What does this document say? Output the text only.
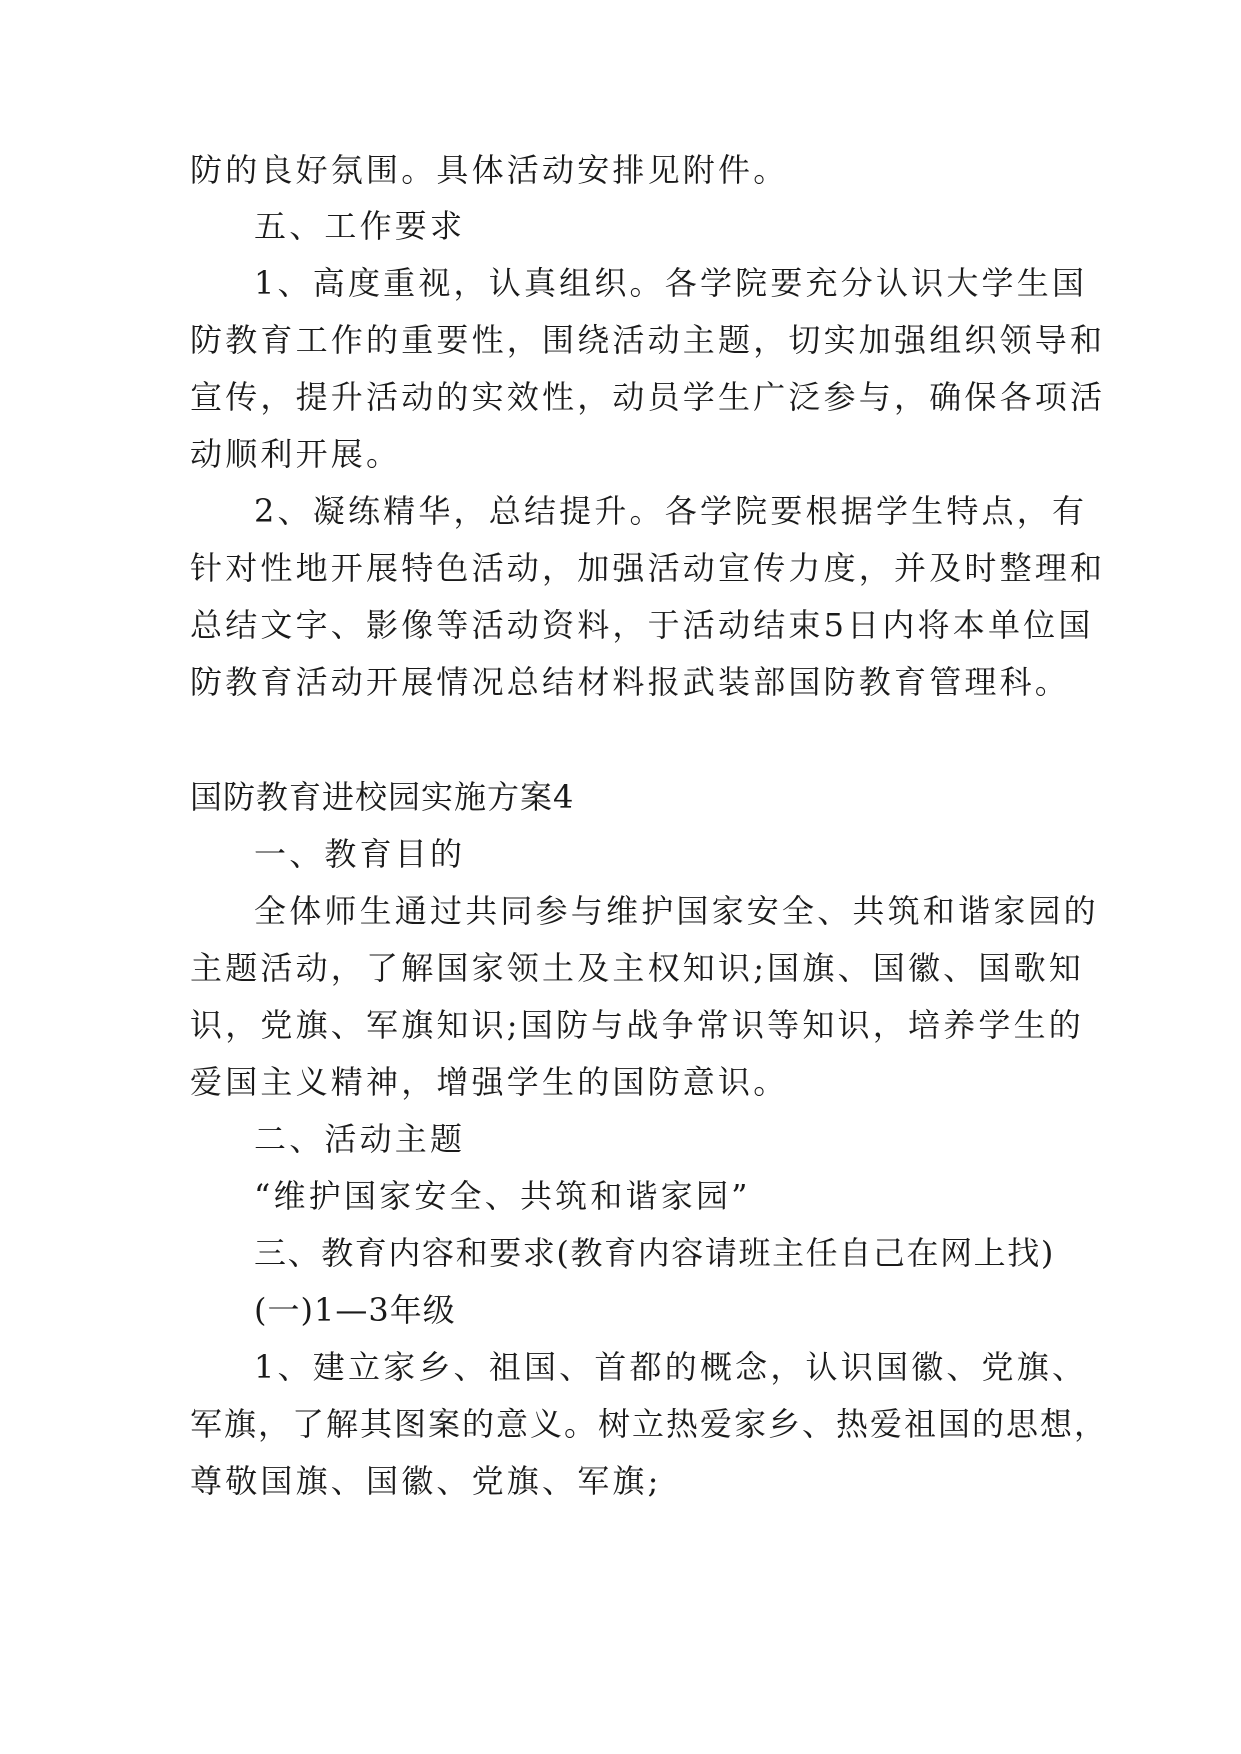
防的良好氛围。具体活动安排见附件。
五、工作要求
1、高度重视，认真组织。各学院要充分认识大学生国
防教育工作的重要性，围绕活动主题，切实加强组织领导和
宣传，提升活动的实效性，动员学生广泛参与，确保各项活
动顺利开展。
2、凝练精华，总结提升。各学院要根据学生特点，有
针对性地开展特色活动，加强活动宣传力度，并及时整理和
总结文字、影像等活动资料，于活动结束5日内将本单位国
防教育活动开展情况总结材料报武装部国防教育管理科。
国防教育进校园实施方案4
一、教育目的
全体师生通过共同参与维护国家安全、共筑和谐家园的
主题活动，了解国家领土及主权知识;国旗、国徽、国歌知
识，党旗、军旗知识;国防与战争常识等知识，培养学生的
爱国主义精神，增强学生的国防意识。
二、活动主题
“维护国家安全、共筑和谐家园”
三、教育内容和要求(教育内容请班主任自己在网上找)
(一)1—3年级
1、建立家乡、祖国、首都的概念，认识国徽、党旗、
军旗，了解其图案的意义。树立热爱家乡、热爱祖国的思想，
尊敬国旗、国徽、党旗、军旗;
